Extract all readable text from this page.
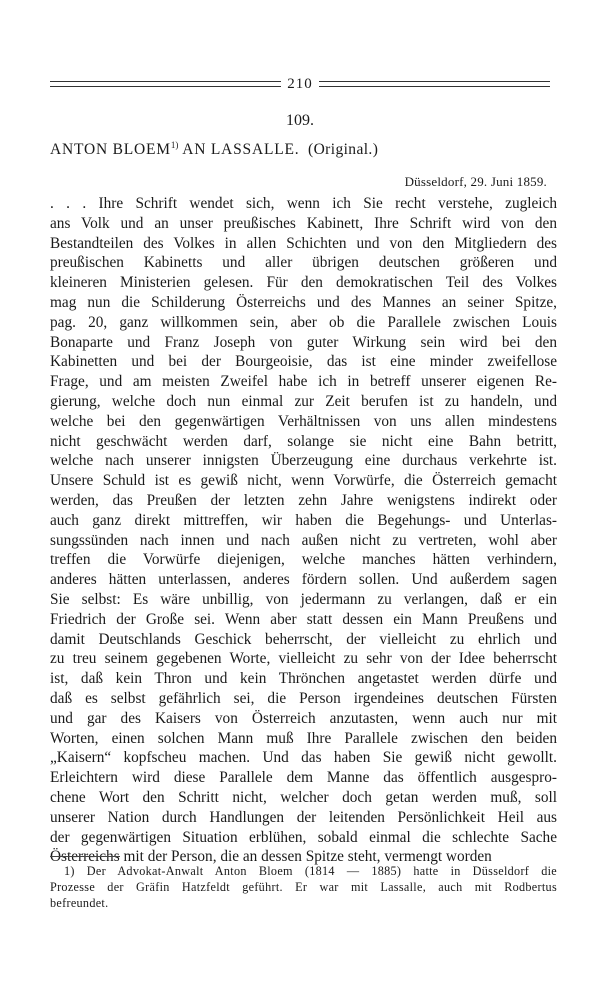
210
109.
ANTON BLOEM$^{1)}$ AN LASSALLE. (Original.)
Düsseldorf, 29. Juni 1859.
. . . Ihre Schrift wendet sich, wenn ich Sie recht verstehe, zugleich
ans Volk und an unser preußisches Kabinett, Ihre Schrift wird von den
Bestandteilen des Volkes in allen Schichten und von den Mitgliedern des
preußischen Kabinetts und aller übrigen deutschen größeren und
kleineren Ministerien gelesen. Für den demokratischen Teil des Volkes
mag nun die Schilderung Österreichs und des Mannes an seiner Spitze,
pag. 20, ganz willkommen sein, aber ob die Parallele zwischen Louis
Bonaparte und Franz Joseph von guter Wirkung sein wird bei den
Kabinetten und bei der Bourgeoisie, das ist eine minder zweifellose
Frage, und am meisten Zweifel habe ich in betreff unserer eigenen Re-
gierung, welche doch nun einmal zur Zeit berufen ist zu handeln, und
welche bei den gegenwärtigen Verhältnissen von uns allen mindestens
nicht geschwächt werden darf, solange sie nicht eine Bahn betritt,
welche nach unserer innigsten Überzeugung eine durchaus verkehrte ist.
Unsere Schuld ist es gewiß nicht, wenn Vorwürfe, die Österreich gemacht
werden, das Preußen der letzten zehn Jahre wenigstens indirekt oder
auch ganz direkt mittreffen, wir haben die Begehungs- und Unterlas-
sungssünden nach innen und nach außen nicht zu vertreten, wohl aber
treffen die Vorwürfe diejenigen, welche manches hätten verhindern,
anderes hätten unterlassen, anderes fördern sollen. Und außerdem sagen
Sie selbst: Es wäre unbillig, von jedermann zu verlangen, daß er ein
Friedrich der Große sei. Wenn aber statt dessen ein Mann Preußens und
damit Deutschlands Geschick beherrscht, der vielleicht zu ehrlich und
zu treu seinem gegebenen Worte, vielleicht zu sehr von der Idee beherrscht
ist, daß kein Thron und kein Thrönchen angetastet werden dürfe und
daß es selbst gefährlich sei, die Person irgendeines deutschen Fürsten
und gar des Kaisers von Österreich anzutasten, wenn auch nur mit
Worten, einen solchen Mann muß Ihre Parallele zwischen den beiden
„Kaisern“ kopfscheu machen. Und das haben Sie gewiß nicht gewollt.
Erleichtern wird diese Parallele dem Manne das öffentlich ausgespro-
chene Wort den Schritt nicht, welcher doch getan werden muß, soll
unserer Nation durch Handlungen der leitenden Persönlichkeit Heil aus
der gegenwärtigen Situation erblühen, sobald einmal die schlechte Sache
Österreichs mit der Person, die an dessen Spitze steht, vermengt worden
1) Der Advokat-Anwalt Anton Bloem (1814 — 1885) hatte in Düsseldorf die
Prozesse der Gräfin Hatzfeldt geführt. Er war mit Lassalle, auch mit Rodbertus
befreundet.
